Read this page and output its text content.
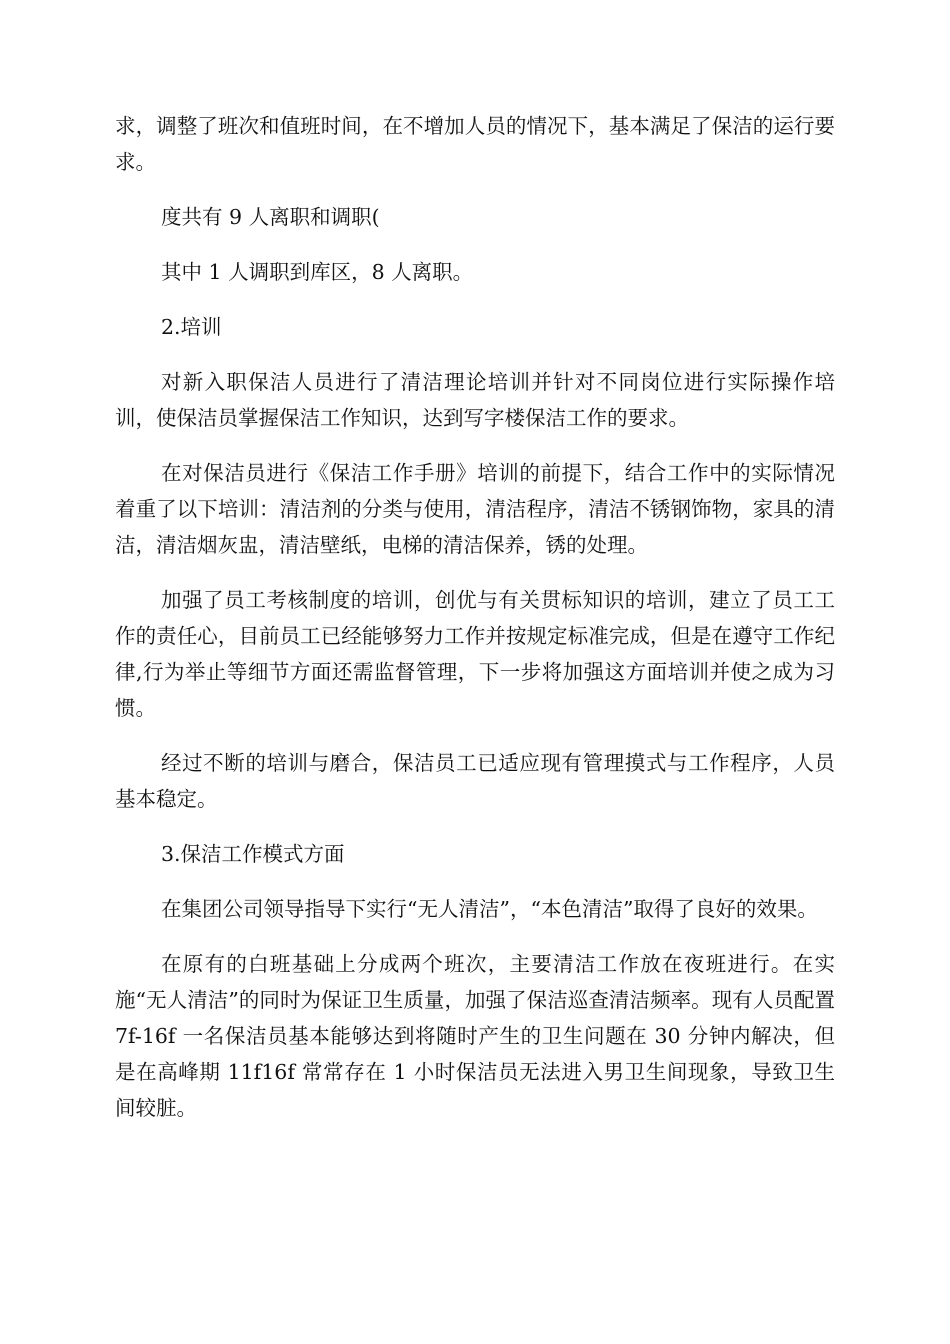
求，调整了班次和值班时间，在不增加人员的情况下，基本满足了保洁的运行要求。

度共有 9 人离职和调职(

其中 1 人调职到库区，8 人离职。

2.培训

对新入职保洁人员进行了清洁理论培训并针对不同岗位进行实际操作培训，使保洁员掌握保洁工作知识，达到写字楼保洁工作的要求。

在对保洁员进行《保洁工作手册》培训的前提下，结合工作中的实际情况着重了以下培训：清洁剂的分类与使用，清洁程序，清洁不锈钢饰物，家具的清洁，清洁烟灰盅，清洁壁纸，电梯的清洁保养，锈的处理。

加强了员工考核制度的培训，创优与有关贯标知识的培训，建立了员工工作的责任心，目前员工已经能够努力工作并按规定标准完成，但是在遵守工作纪律,行为举止等细节方面还需监督管理，下一步将加强这方面培训并使之成为习惯。

经过不断的培训与磨合，保洁员工已适应现有管理摸式与工作程序，人员基本稳定。

3.保洁工作模式方面

在集团公司领导指导下实行“无人清洁”，“本色清洁”取得了良好的效果。

在原有的白班基础上分成两个班次，主要清洁工作放在夜班进行。在实施“无人清洁”的同时为保证卫生质量，加强了保洁巡查清洁频率。现有人员配置 7f-16f 一名保洁员基本能够达到将随时产生的卫生问题在 30 分钟内解决，但是在高峰期 11f16f 常常存在 1 小时保洁员无法进入男卫生间现象，导致卫生间较脏。
